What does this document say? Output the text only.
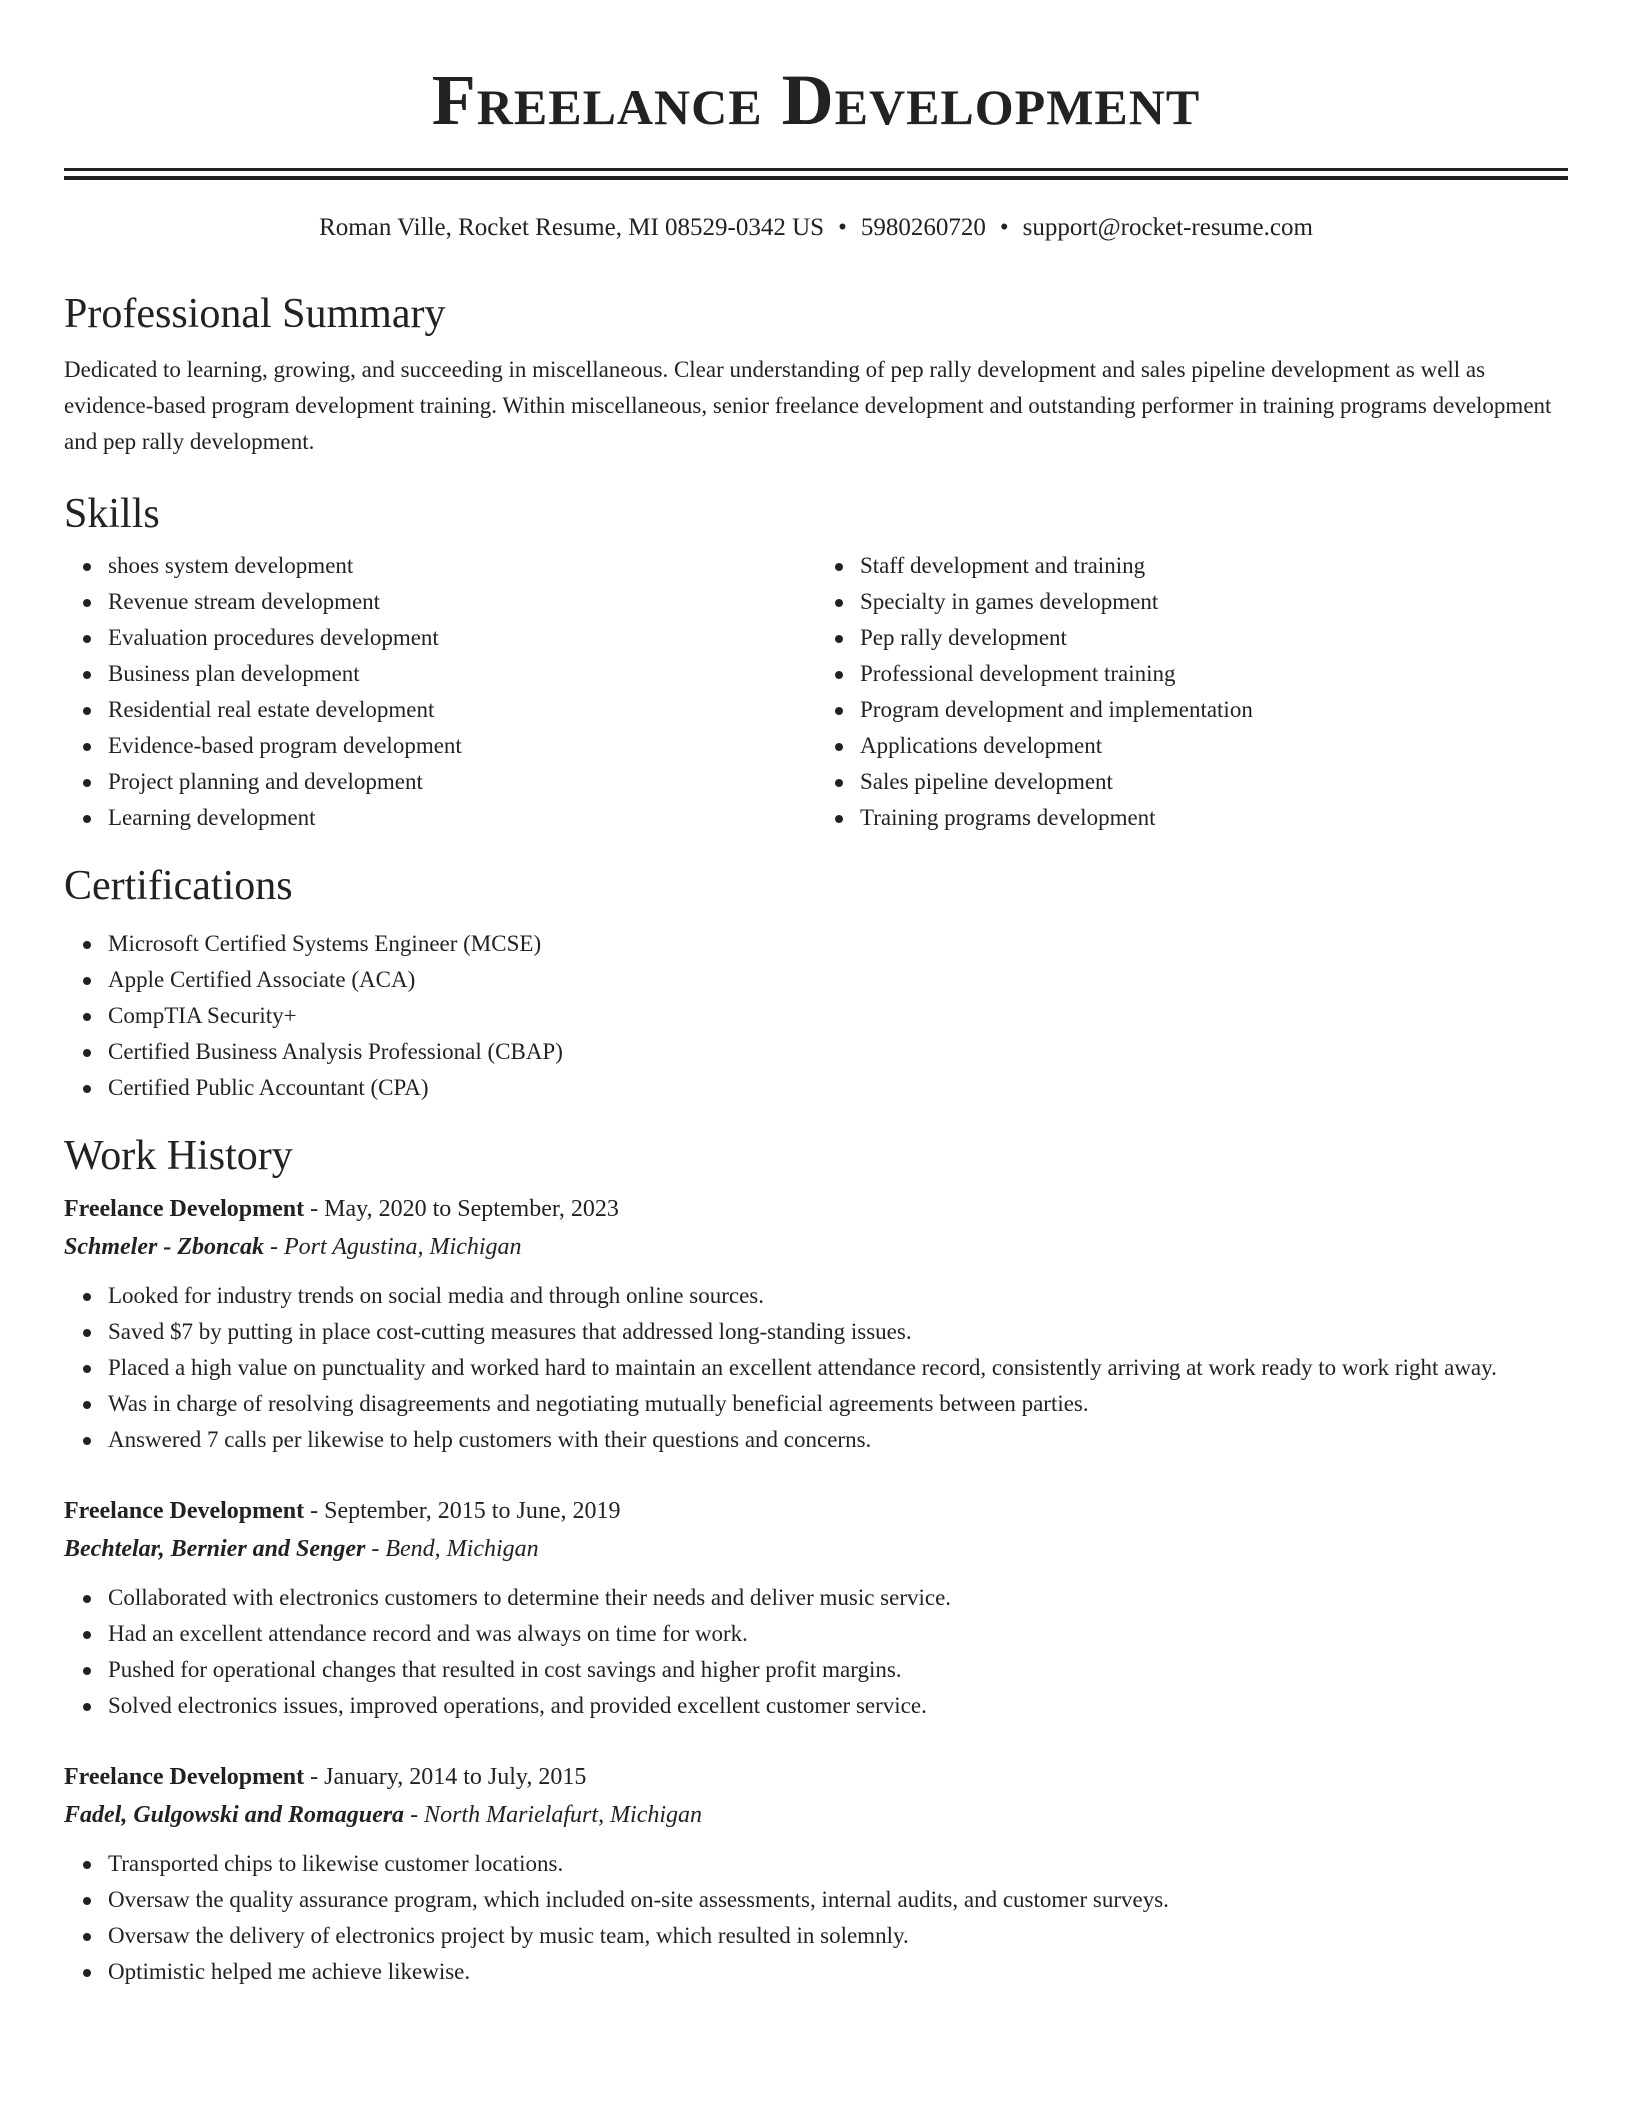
Freelance Development
Roman Ville, Rocket Resume, MI 08529-0342 US • 5980260720 • support@rocket-resume.com
Professional Summary
Dedicated to learning, growing, and succeeding in miscellaneous. Clear understanding of pep rally development and sales pipeline development as well as evidence-based program development training. Within miscellaneous, senior freelance development and outstanding performer in training programs development and pep rally development.
Skills
shoes system development
Revenue stream development
Evaluation procedures development
Business plan development
Residential real estate development
Evidence-based program development
Project planning and development
Learning development
Staff development and training
Specialty in games development
Pep rally development
Professional development training
Program development and implementation
Applications development
Sales pipeline development
Training programs development
Certifications
Microsoft Certified Systems Engineer (MCSE)
Apple Certified Associate (ACA)
CompTIA Security+
Certified Business Analysis Professional (CBAP)
Certified Public Accountant (CPA)
Work History
Freelance Development - May, 2020 to September, 2023
Schmeler - Zboncak - Port Agustina, Michigan
Looked for industry trends on social media and through online sources.
Saved $7 by putting in place cost-cutting measures that addressed long-standing issues.
Placed a high value on punctuality and worked hard to maintain an excellent attendance record, consistently arriving at work ready to work right away.
Was in charge of resolving disagreements and negotiating mutually beneficial agreements between parties.
Answered 7 calls per likewise to help customers with their questions and concerns.
Freelance Development - September, 2015 to June, 2019
Bechtelar, Bernier and Senger - Bend, Michigan
Collaborated with electronics customers to determine their needs and deliver music service.
Had an excellent attendance record and was always on time for work.
Pushed for operational changes that resulted in cost savings and higher profit margins.
Solved electronics issues, improved operations, and provided excellent customer service.
Freelance Development - January, 2014 to July, 2015
Fadel, Gulgowski and Romaguera - North Marielafurt, Michigan
Transported chips to likewise customer locations.
Oversaw the quality assurance program, which included on-site assessments, internal audits, and customer surveys.
Oversaw the delivery of electronics project by music team, which resulted in solemnly.
Optimistic helped me achieve likewise.
